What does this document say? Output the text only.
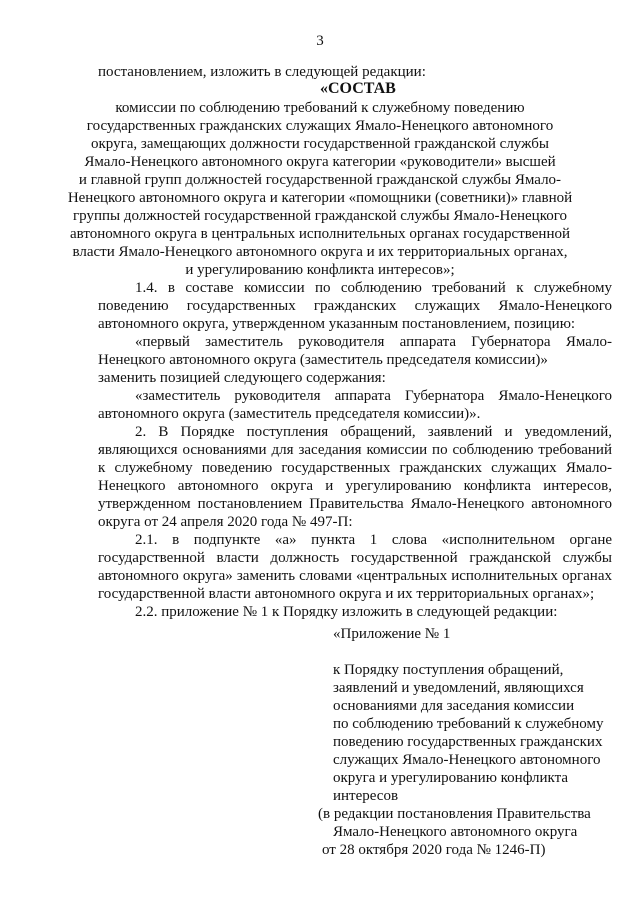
3

постановлением, изложить в следующей редакции:

«СОСТАВ

комиссии по соблюдению требований к служебному поведению

государственных гражданских служащих Ямало-Ненецкого автономного

округа, замещающих должности государственной гражданской службы

Ямало-Ненецкого автономного округа категории «руководители» высшей

и главной групп должностей государственной гражданской службы Ямало-

Ненецкого автономного округа и категории «помощники (советники)» главной

группы должностей государственной гражданской службы Ямало-Ненецкого

автономного округа в центральных исполнительных органах государственной

власти Ямало-Ненецкого автономного округа и их территориальных органах,

и урегулированию конфликта интересов»;

1.4. в составе комиссии по соблюдению требований к служебному

поведению государственных гражданских служащих Ямало-Ненецкого

автономного округа, утвержденном указанным постановлением, позицию:

«первый заместитель руководителя аппарата Губернатора Ямало-

Ненецкого автономного округа (заместитель председателя комиссии)»

заменить позицией следующего содержания:

«заместитель руководителя аппарата Губернатора Ямало-Ненецкого

автономного округа (заместитель председателя комиссии)».

2. В Порядке поступления обращений, заявлений и уведомлений,

являющихся основаниями для заседания комиссии по соблюдению требований

к служебному поведению государственных гражданских служащих Ямало-

Ненецкого автономного округа и урегулированию конфликта интересов,

утвержденном постановлением Правительства Ямало-Ненецкого автономного

округа от 24 апреля 2020 года № 497-П:

2.1. в подпункте «а» пункта 1 слова «исполнительном органе

государственной власти должность государственной гражданской службы

автономного округа» заменить словами «центральных исполнительных органах

государственной власти автономного округа и их территориальных органах»;

2.2. приложение № 1 к Порядку изложить в следующей редакции:

«Приложение № 1

к Порядку поступления обращений,

заявлений и уведомлений, являющихся

основаниями для заседания комиссии

по соблюдению требований к служебному

поведению государственных гражданских

служащих Ямало-Ненецкого автономного

округа и урегулированию конфликта

интересов

(в редакции постановления Правительства

Ямало-Ненецкого автономного округа

от 28 октября 2020 года № 1246-П)
